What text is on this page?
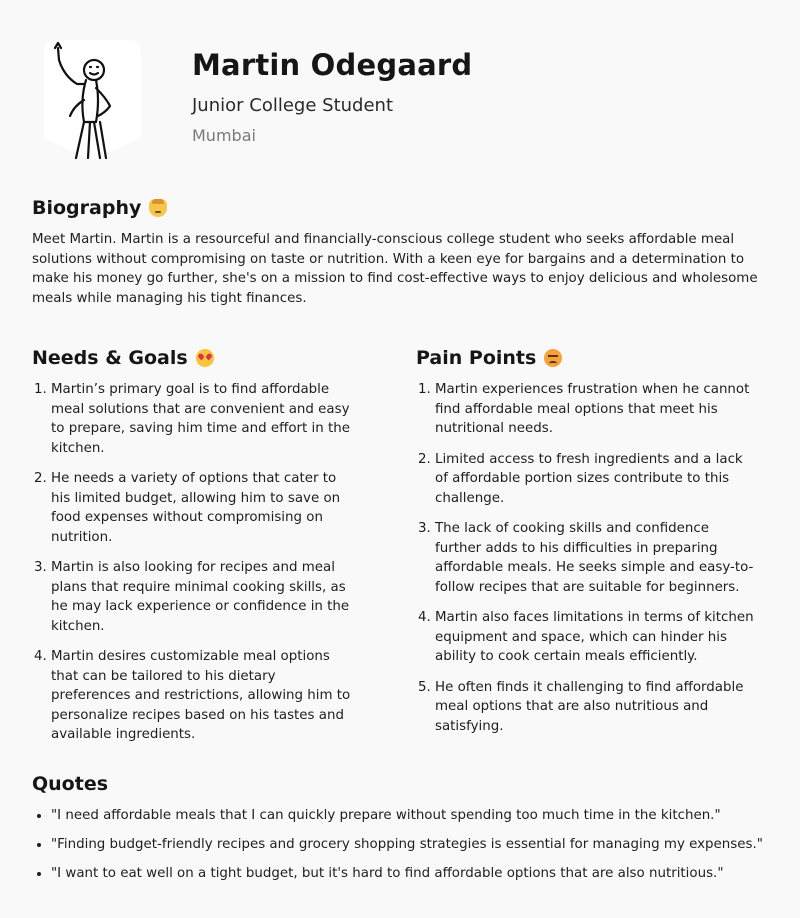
Martin Odegaard
Junior College Student
Mumbai
Biography

Meet Martin. Martin is a resourceful and financially-conscious college student who seeks affordable meal solutions without compromising on taste or nutrition. With a keen eye for bargains and a determination to make his money go further, she's on a mission to find cost-effective ways to enjoy delicious and wholesome meals while managing his tight finances.

Needs & Goals
1. Martin’s primary goal is to find affordable meal solutions that are convenient and easy to prepare, saving him time and effort in the kitchen.
2. He needs a variety of options that cater to his limited budget, allowing him to save on food expenses without compromising on nutrition.
3. Martin is also looking for recipes and meal plans that require minimal cooking skills, as he may lack experience or confidence in the kitchen.
4. Martin desires customizable meal options that can be tailored to his dietary preferences and restrictions, allowing him to personalize recipes based on his tastes and available ingredients.
Pain Points
1. Martin experiences frustration when he cannot find affordable meal options that meet his nutritional needs.
2. Limited access to fresh ingredients and a lack of affordable portion sizes contribute to this challenge.
3. The lack of cooking skills and confidence further adds to his difficulties in preparing affordable meals. He seeks simple and easy-to-follow recipes that are suitable for beginners.
4. Martin also faces limitations in terms of kitchen equipment and space, which can hinder his ability to cook certain meals efficiently.
5. He often finds it challenging to find affordable meal options that are also nutritious and satisfying.
Quotes
• "I need affordable meals that I can quickly prepare without spending too much time in the kitchen."
• "Finding budget-friendly recipes and grocery shopping strategies is essential for managing my expenses."
• "I want to eat well on a tight budget, but it's hard to find affordable options that are also nutritious."
